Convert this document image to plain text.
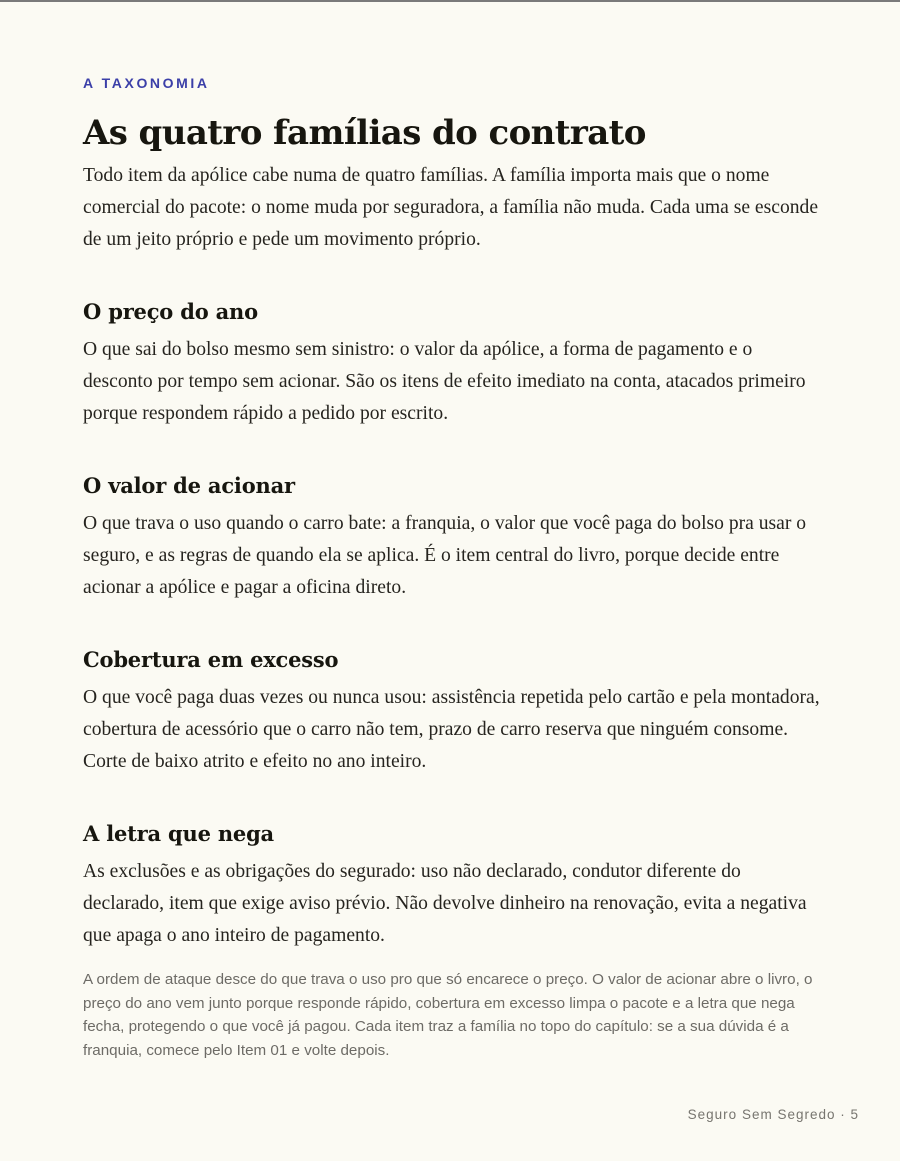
A TAXONOMIA

As quatro famílias do contrato

Todo item da apólice cabe numa de quatro famílias. A família importa mais que o nome comercial do pacote: o nome muda por seguradora, a família não muda. Cada uma se esconde de um jeito próprio e pede um movimento próprio.

O preço do ano

O que sai do bolso mesmo sem sinistro: o valor da apólice, a forma de pagamento e o desconto por tempo sem acionar. São os itens de efeito imediato na conta, atacados primeiro porque respondem rápido a pedido por escrito.

O valor de acionar

O que trava o uso quando o carro bate: a franquia, o valor que você paga do bolso pra usar o seguro, e as regras de quando ela se aplica. É o item central do livro, porque decide entre acionar a apólice e pagar a oficina direto.

Cobertura em excesso

O que você paga duas vezes ou nunca usou: assistência repetida pelo cartão e pela montadora, cobertura de acessório que o carro não tem, prazo de carro reserva que ninguém consome. Corte de baixo atrito e efeito no ano inteiro.

A letra que nega

As exclusões e as obrigações do segurado: uso não declarado, condutor diferente do declarado, item que exige aviso prévio. Não devolve dinheiro na renovação, evita a negativa que apaga o ano inteiro de pagamento.

A ordem de ataque desce do que trava o uso pro que só encarece o preço. O valor de acionar abre o livro, o preço do ano vem junto porque responde rápido, cobertura em excesso limpa o pacote e a letra que nega fecha, protegendo o que você já pagou. Cada item traz a família no topo do capítulo: se a sua dúvida é a franquia, comece pelo Item 01 e volte depois.

Seguro Sem Segredo · 5
